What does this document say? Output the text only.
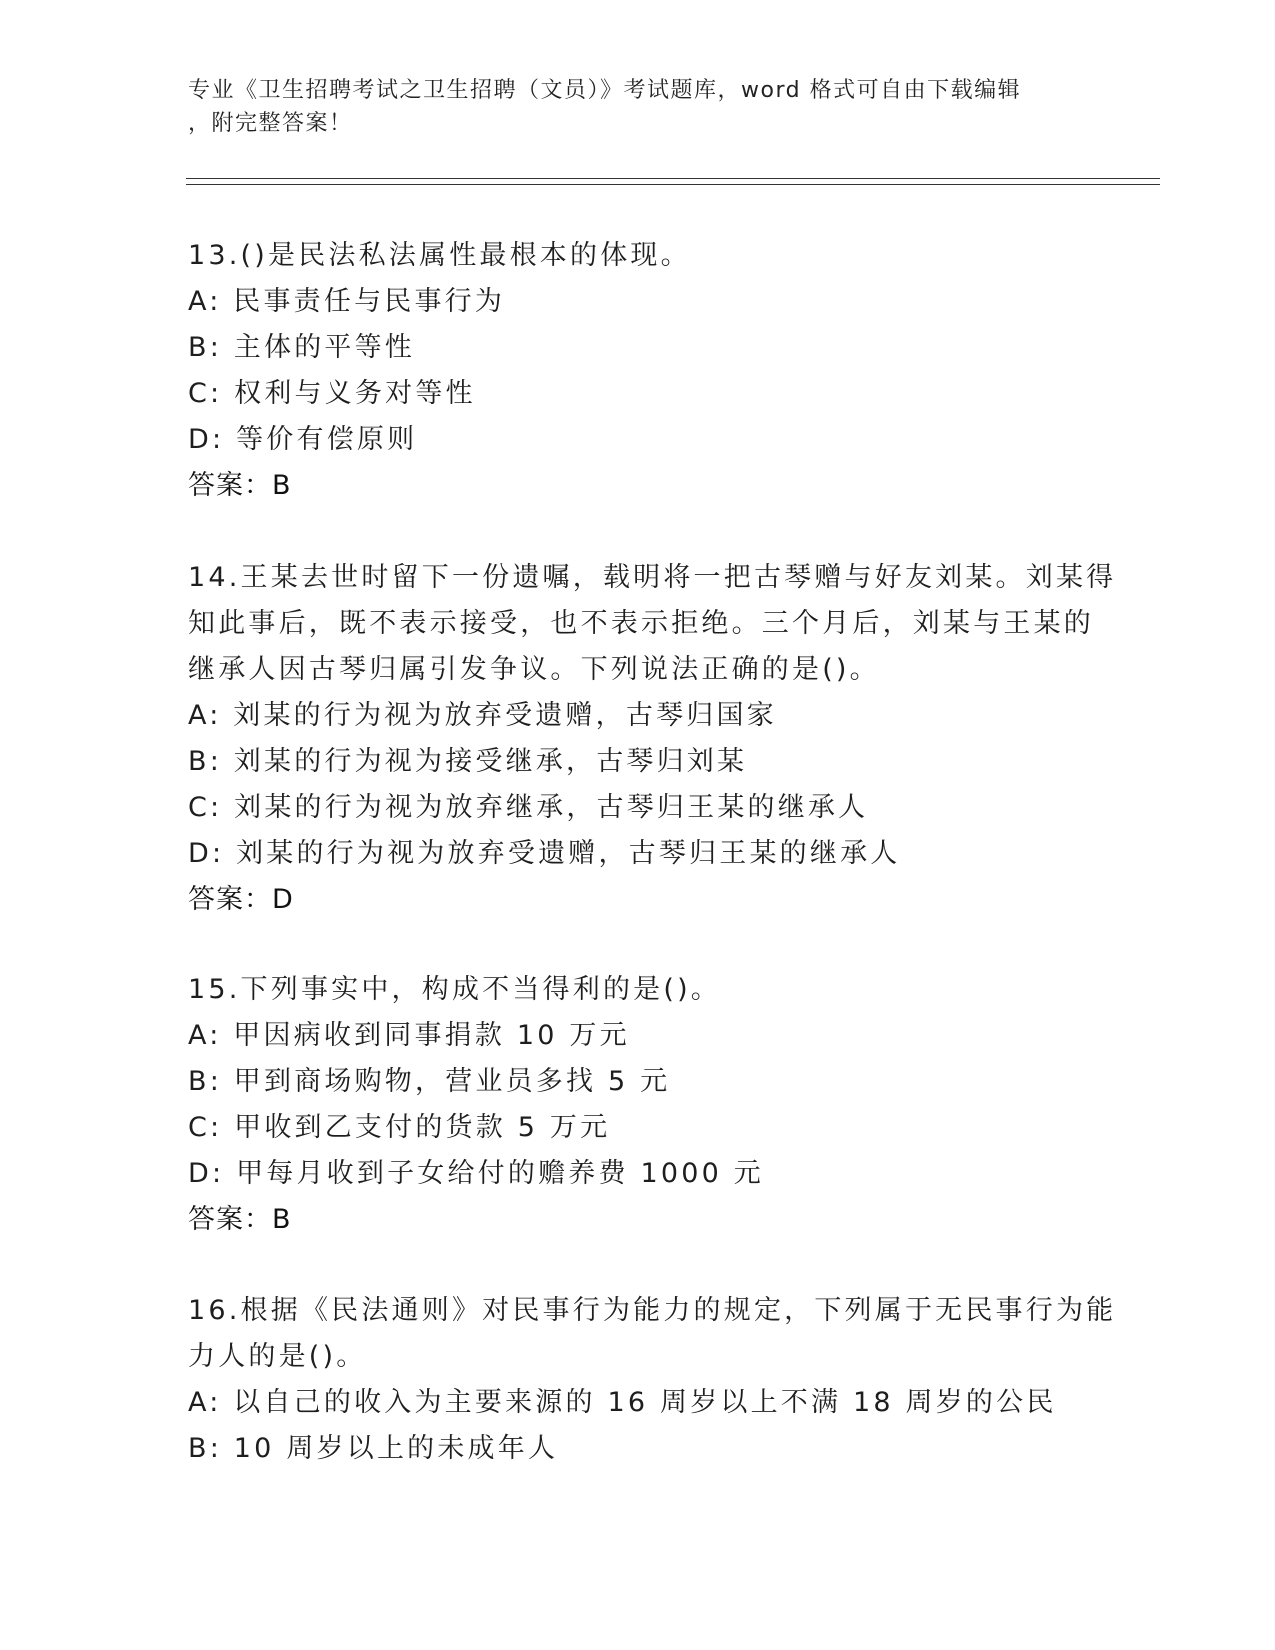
专业《卫生招聘考试之卫生招聘（文员）》考试题库，word 格式可自由下载编辑
，附完整答案！
13.()是民法私法属性最根本的体现。
A: 民事责任与民事行为
B: 主体的平等性
C: 权利与义务对等性
D: 等价有偿原则
答案：B
14.王某去世时留下一份遗嘱，载明将一把古琴赠与好友刘某。刘某得
知此事后，既不表示接受，也不表示拒绝。三个月后，刘某与王某的
继承人因古琴归属引发争议。下列说法正确的是()。
A: 刘某的行为视为放弃受遗赠，古琴归国家
B: 刘某的行为视为接受继承，古琴归刘某
C: 刘某的行为视为放弃继承，古琴归王某的继承人
D: 刘某的行为视为放弃受遗赠，古琴归王某的继承人
答案：D
15.下列事实中，构成不当得利的是()。
A: 甲因病收到同事捐款 10 万元
B: 甲到商场购物，营业员多找 5 元
C: 甲收到乙支付的货款 5 万元
D: 甲每月收到子女给付的赡养费 1000 元
答案：B
16.根据《民法通则》对民事行为能力的规定，下列属于无民事行为能
力人的是()。
A: 以自己的收入为主要来源的 16 周岁以上不满 18 周岁的公民
B: 10 周岁以上的未成年人
